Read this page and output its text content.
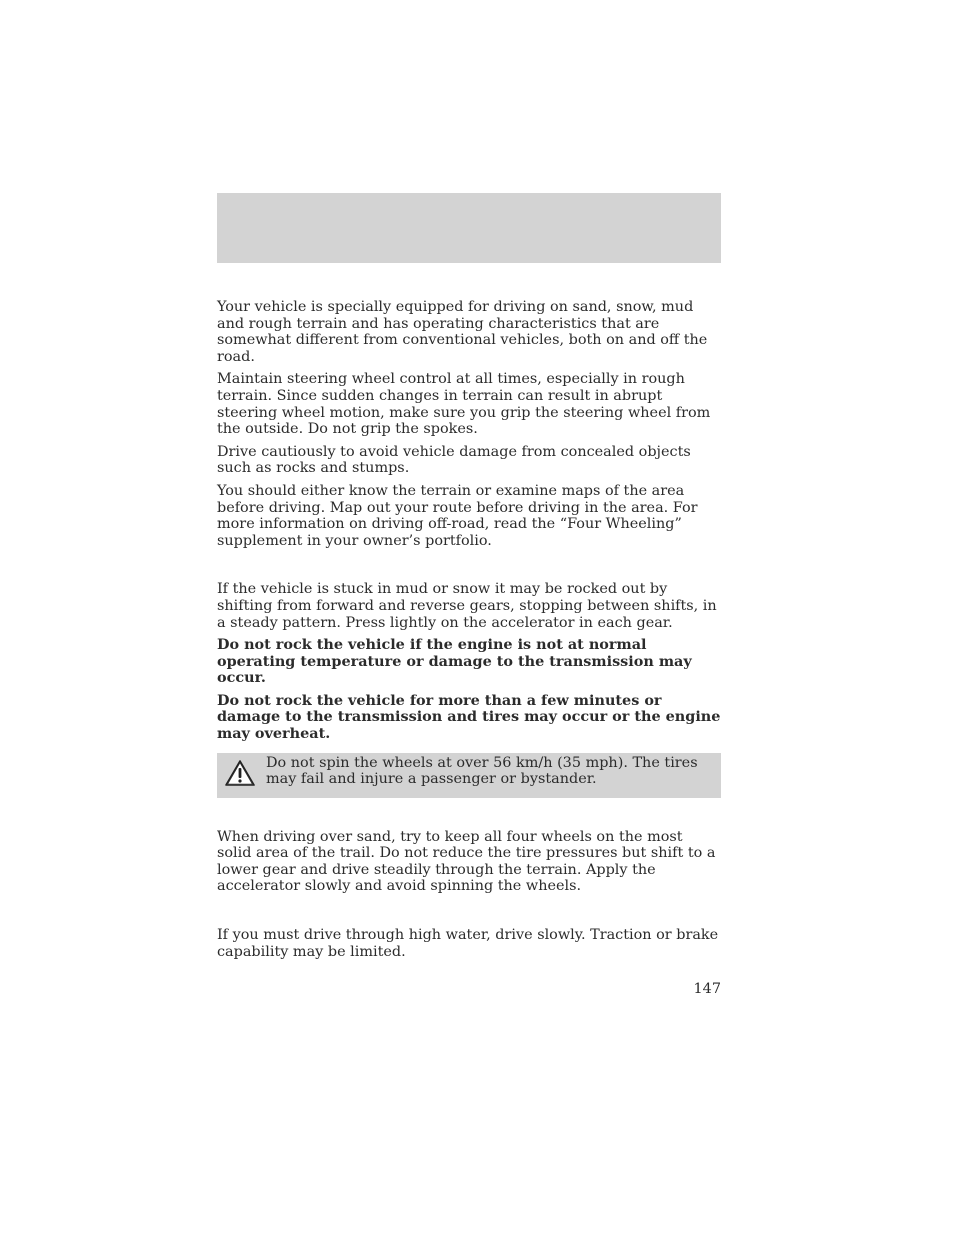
Your vehicle is specially equipped for driving on sand, snow, mud and rough terrain and has operating characteristics that are somewhat different from conventional vehicles, both on and off the road.

Maintain steering wheel control at all times, especially in rough terrain. Since sudden changes in terrain can result in abrupt steering wheel motion, make sure you grip the steering wheel from the outside. Do not grip the spokes.

Drive cautiously to avoid vehicle damage from concealed objects such as rocks and stumps.

You should either know the terrain or examine maps of the area before driving. Map out your route before driving in the area. For more information on driving off-road, read the “Four Wheeling” supplement in your owner’s portfolio.

If the vehicle is stuck in mud or snow it may be rocked out by shifting from forward and reverse gears, stopping between shifts, in a steady pattern. Press lightly on the accelerator in each gear.

Do not rock the vehicle if the engine is not at normal operating temperature or damage to the transmission may occur.

Do not rock the vehicle for more than a few minutes or damage to the transmission and tires may occur or the engine may overheat.

Do not spin the wheels at over 56 km/h (35 mph). The tires may fail and injure a passenger or bystander.

When driving over sand, try to keep all four wheels on the most solid area of the trail. Do not reduce the tire pressures but shift to a lower gear and drive steadily through the terrain. Apply the accelerator slowly and avoid spinning the wheels.

If you must drive through high water, drive slowly. Traction or brake capability may be limited.

147
